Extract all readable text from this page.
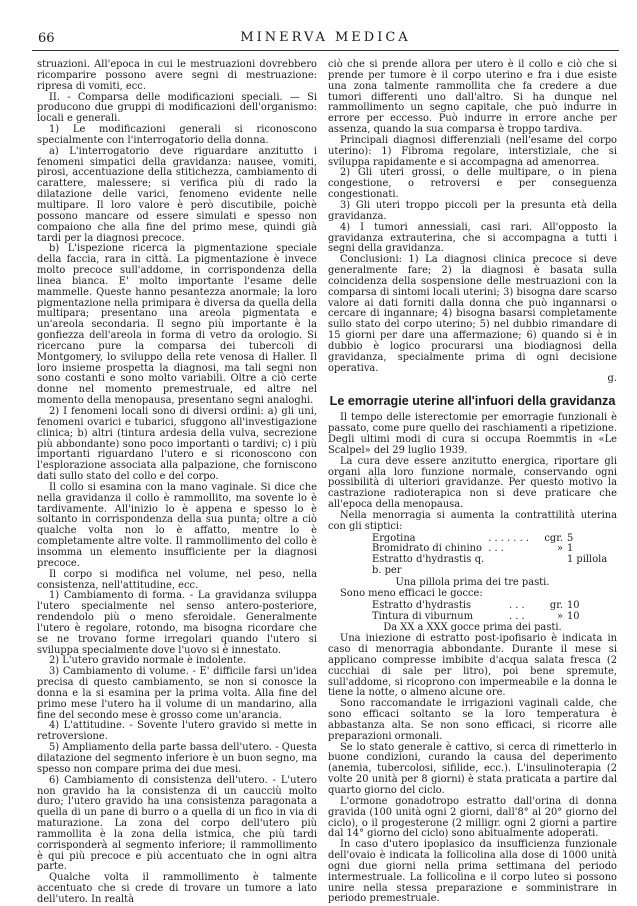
66	MINERVA MEDICA

struazioni. All'epoca in cui le mestruazioni dovrebbero ricomparire possono avere segni di mestruazione: ripresa di vomiti, ecc.

II. - Comparsa delle modificazioni speciali. — Si producono due gruppi di modificazioni dell'organismo: locali e generali.

1) Le modificazioni generali si riconoscono specialmente con l'interrogatorio della donna.

a) L'interrogatorio deve riguardare anzitutto i fenomeni simpatici della gravidanza: nausee, vomiti, pirosi, accentuazione della stitichezza, cambiamento di carattere, malessere; si verifica più di rado la dilatazione delle varici, fenomeno evidente nelle multipare. Il loro valore è però discutibile, poichè possono mancare od essere simulati e spesso non compaiono che alla fine del primo mese, quindi già tardi per la diagnosi precoce.

b) L'ispezione ricerca la pigmentazione speciale della faccia, rara in città. La pigmentazione è invece molto precoce sull'addome, in corrispondenza della linea bianca. E' molto importante l'esame delle mammelle. Queste hanno pesantezza anormale; la loro pigmentazione nella primipara è diversa da quella della multipara; presentano una areola pigmentata e un'areola secondaria. Il segno più importante è la gonfiezza dell'areola in forma di vetro da orologio. Si ricercano pure la comparsa dei tubercoli di Montgomery, lo sviluppo della rete venosa di Haller. Il loro insieme prospetta la diagnosi, ma tali segni non sono costanti e sono molto variabili. Oltre a ciò certe donne nel momento premestruale, ed altre nel momento della menopausa, presentano segni analoghi.

2) I fenomeni locali sono di diversi ordini: a) gli uni, fenomeni ovarici e tubarici, sfuggono all'investigazione clinica; b) altri (tintura ardesia della vulva, secrezione più abbondante) sono poco importanti o tardivi; c) i più importanti riguardano l'utero e si riconoscono con l'esplorazione associata alla palpazione, che forniscono dati sullo stato del collo e del corpo.

Il collo si esamina con la mano vaginale. Si dice che nella gravidanza il collo è rammollito, ma sovente lo è tardivamente. All'inizio lo è appena e spesso lo è soltanto in corrispondenza della sua punta; oltre a ciò qualche volta non lo è affatto, mentre lo è completamente altre volte. Il rammollimento del collo è insomma un elemento insufficiente per la diagnosi precoce.

Il corpo si modifica nel volume, nel peso, nella consistenza, nell'attitudine, ecc.

1) Cambiamento di forma. - La gravidanza sviluppa l'utero specialmente nel senso antero-posteriore, rendendolo più o meno sferoidale. Generalmente l'utero è regolare, rotondo, ma bisogna ricordare che se ne trovano forme irregolari quando l'utero si sviluppa specialmente dove l'uovo si è innestato.

2) L'utero gravido normale è indolente.

3) Cambiamento di volume. - E' difficile farsi un'idea precisa di questo cambiamento, se non si conosce la donna e la si esamina per la prima volta. Alla fine del primo mese l'utero ha il volume di un mandarino, alla fine del secondo mese è grosso come un'arancia.

4) L'attitudine. - Sovente l'utero gravido si mette in retroversione.

5) Ampliamento della parte bassa dell'utero. - Questa dilatazione del segmento inferiore è un buon segno, ma spesso non compare prima dei due mesi.

6) Cambiamento di consistenza dell'utero. - L'utero non gravido ha la consistenza di un caucciù molto duro; l'utero gravido ha una consistenza paragonata a quella di un pane di burro o a quella di un fico in via di maturazione. La zona del corpo dell'utero più rammollita è la zona della istmica, che più tardi corrisponderà al segmento inferiore; il rammollimento è qui più precoce e più accentuato che in ogni altra parte.

Qualche volta il rammollimento è talmente accentuato che si crede di trovare un tumore a lato dell'utero. In realtà

ciò che si prende allora per utero è il collo e ciò che si prende per tumore è il corpo uterino e fra i due esiste una zona talmente rammollita che fa credere a due tumori differenti uno dall'altro. Si ha dunque nel rammollimento un segno capitale, che può indurre in errore per eccesso. Può indurre in errore anche per assenza, quando la sua comparsa è troppo tardiva.

Principali diagnosi differenziali (nell'esame del corpo uterino): 1) Fibroma regolare, interstiziale, che si sviluppa rapidamente e si accompagna ad amenorrea.

2) Gli uteri grossi, o delle multipare, o in piena congestione, o retroversi e per conseguenza congestionati.

3) Gli uteri troppo piccoli per la presunta età della gravidanza.

4) I tumori annessiali, casi rari. All'opposto la gravidanza extrauterina, che si accompagna a tutti i segni della gravidanza.

Conclusioni: 1) La diagnosi clinica precoce si deve generalmente fare; 2) la diagnosi è basata sulla coincidenza della sospensione delle mestruazioni con la comparsa di sintomi locali uterini; 3) bisogna dare scarso valore ai dati forniti dalla donna che può ingannarsi o cercare di ingannare; 4) bisogna basarsi completamente sullo stato del corpo uterino; 5) nel dubbio rimandare di 15 giorni per dare una affermazione; 6) quando si è in dubbio è logico procurarsi una biodiagnosi della gravidanza, specialmente prima di ogni decisione operativa.

g.

Le emorragie uterine all'infuori della gravidanza

Il tempo delle isterectomie per emorragie funzionali è passato, come pure quello dei raschiamenti a ripetizione. Degli ultimi modi di cura si occupa Roemmtis in «Le Scalpel» del 29 luglio 1939.

La cura deve essere anzitutto energica, riportare gli organi alla loro funzione normale, conservando ogni possibilità di ulteriori gravidanze. Per questo motivo la castrazione radioterapica non si deve praticare che all'epoca della menopausa.

Nella menorragia si aumenta la contrattilità uterina con gli stiptici:

Ergotina	. . . . . . .	cgr.	5
Bromidrato di chinino	. . .	»	1
Estratto d'hydrastis q. b. per			1 pillola

Una pillola prima dei tre pasti.

Sono meno efficaci le gocce:

Estratto d'hydrastis	. . .	gr.	10
Tintura di viburnum	. . .	»	10

Da XX a XXX gocce prima dei pasti.

Una iniezione di estratto post-ipofisario è indicata in caso di menorragia abbondante. Durante il mese si applicano compresse imbibite d'acqua salata fresca (2 cucchiai di sale per litro), poi bene spremute, sull'addome, si ricoprono con impermeabile e la donna le tiene la notte, o almeno alcune ore.

Sono raccomandate le irrigazioni vaginali calde, che sono efficaci soltanto se la loro temperatura è abbastanza alta. Se non sono efficaci, si ricorre alle preparazioni ormonali.

Se lo stato generale è cattivo, si cerca di rimetterlo in buone condizioni, curando la causa del deperimento (anemia, tubercolosi, sifilide, ecc.). L'insulinoterapia (2 volte 20 unità per 8 giorni) è stata praticata a partire dal quarto giorno del ciclo.

L'ormone gonadotropo estratto dall'orina di donna gravida (100 unità ogni 2 giorni, dall'8° al 20° giorno del ciclo), o il progesterone (2 milligr. ogni 2 giorni a partire dal 14° giorno del ciclo) sono abitualmente adoperati.

In caso d'utero ipoplasico da insufficienza funzionale dell'ovaio è indicata la follicolina alla dose di 1000 unità ogni due giorni nella prima settimana del periodo intermestruale. La follicolina e il corpo luteo si possono unire nella stessa preparazione e somministrare in periodo premestruale.
